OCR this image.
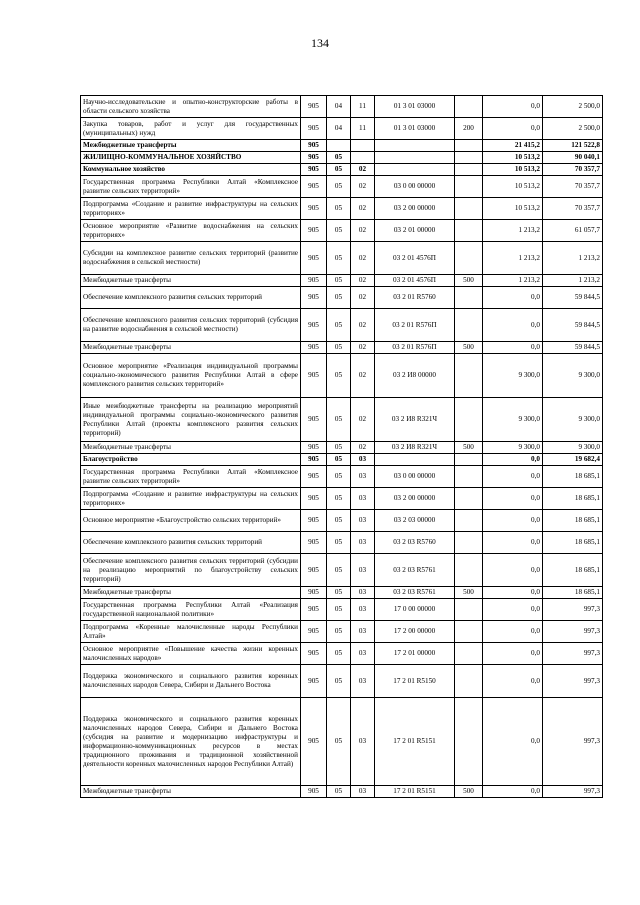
134
Научно-исследовательские и опытно-конструкторские работы в области сельского хозяйства	905	04	11	01 3 01 03000		0,0	2 500,0
Закупка товаров, работ и услуг для государственных (муниципальных) нужд	905	04	11	01 3 01 03000	200	0,0	2 500,0
Межбюджетные трансферты	905					21 415,2	121 522,8
ЖИЛИЩНО-КОММУНАЛЬНОЕ ХОЗЯЙСТВО	905	05				10 513,2	90 040,1
Коммунальное хозяйство	905	05	02			10 513,2	70 357,7
Государственная программа Республики Алтай «Комплексное развитие сельских территорий»	905	05	02	03 0 00 00000		10 513,2	70 357,7
Подпрограмма «Создание и развитие инфраструктуры на сельских территориях»	905	05	02	03 2 00 00000		10 513,2	70 357,7
Основное мероприятие «Развитие водоснабжения на сельских территориях»	905	05	02	03 2 01 00000		1 213,2	61 057,7
Субсидии на комплексное развитие сельских территорий (развитие водоснабжения в сельской местности)	905	05	02	03 2 01 4576П		1 213,2	1 213,2
Межбюджетные трансферты	905	05	02	03 2 01 4576П	500	1 213,2	1 213,2
Обеспечение комплексного развития сельских территорий	905	05	02	03 2 01 R5760		0,0	59 844,5
Обеспечение комплексного развития сельских территорий (субсидия на развитие водоснабжения в сельской местности)	905	05	02	03 2 01 R576П		0,0	59 844,5
Межбюджетные трансферты	905	05	02	03 2 01 R576П	500	0,0	59 844,5
Основное мероприятие «Реализация индивидуальной программы социально-экономического развития Республики Алтай в сфере комплексного развития сельских территорий»	905	05	02	03 2 И8 00000		9 300,0	9 300,0
Иные межбюджетные трансферты на реализацию мероприятий индивидуальной программы социально-экономического развития Республики Алтай (проекты комплексного развития сельских территорий)	905	05	02	03 2 И8 R321Ч		9 300,0	9 300,0
Межбюджетные трансферты	905	05	02	03 2 И8 R321Ч	500	9 300,0	9 300,0
Благоустройство	905	05	03			0,0	19 682,4
Государственная программа Республики Алтай «Комплексное развитие сельских территорий»	905	05	03	03 0 00 00000		0,0	18 685,1
Подпрограмма «Создание и развитие инфраструктуры на сельских территориях»	905	05	03	03 2 00 00000		0,0	18 685,1
Основное мероприятие «Благоустройство сельских территорий»	905	05	03	03 2 03 00000		0,0	18 685,1
Обеспечение комплексного развития сельских территорий	905	05	03	03 2 03 R5760		0,0	18 685,1
Обеспечение комплексного развития сельских территорий (субсидии на реализацию мероприятий по благоустройству сельских территорий)	905	05	03	03 2 03 R5761		0,0	18 685,1
Межбюджетные трансферты	905	05	03	03 2 03 R5761	500	0,0	18 685,1
Государственная программа Республики Алтай «Реализация государственной национальной политики»	905	05	03	17 0 00 00000		0,0	997,3
Подпрограмма «Коренные малочисленные народы Республики Алтай»	905	05	03	17 2 00 00000		0,0	997,3
Основное мероприятие «Повышение качества жизни коренных малочисленных народов»	905	05	03	17 2 01 00000		0,0	997,3
Поддержка экономического и социального развития коренных малочисленных народов Севера, Сибири и Дальнего Востока	905	05	03	17 2 01 R5150		0,0	997,3
Поддержка экономического и социального развития коренных малочисленных народов Севера, Сибири и Дальнего Востока (субсидия на развитие и модернизацию инфраструктуры и информационно-коммуникационных ресурсов в местах традиционного проживания и традиционной хозяйственной деятельности коренных малочисленных народов Республики Алтай)	905	05	03	17 2 01 R5151		0,0	997,3
Межбюджетные трансферты	905	05	03	17 2 01 R5151	500	0,0	997,3
